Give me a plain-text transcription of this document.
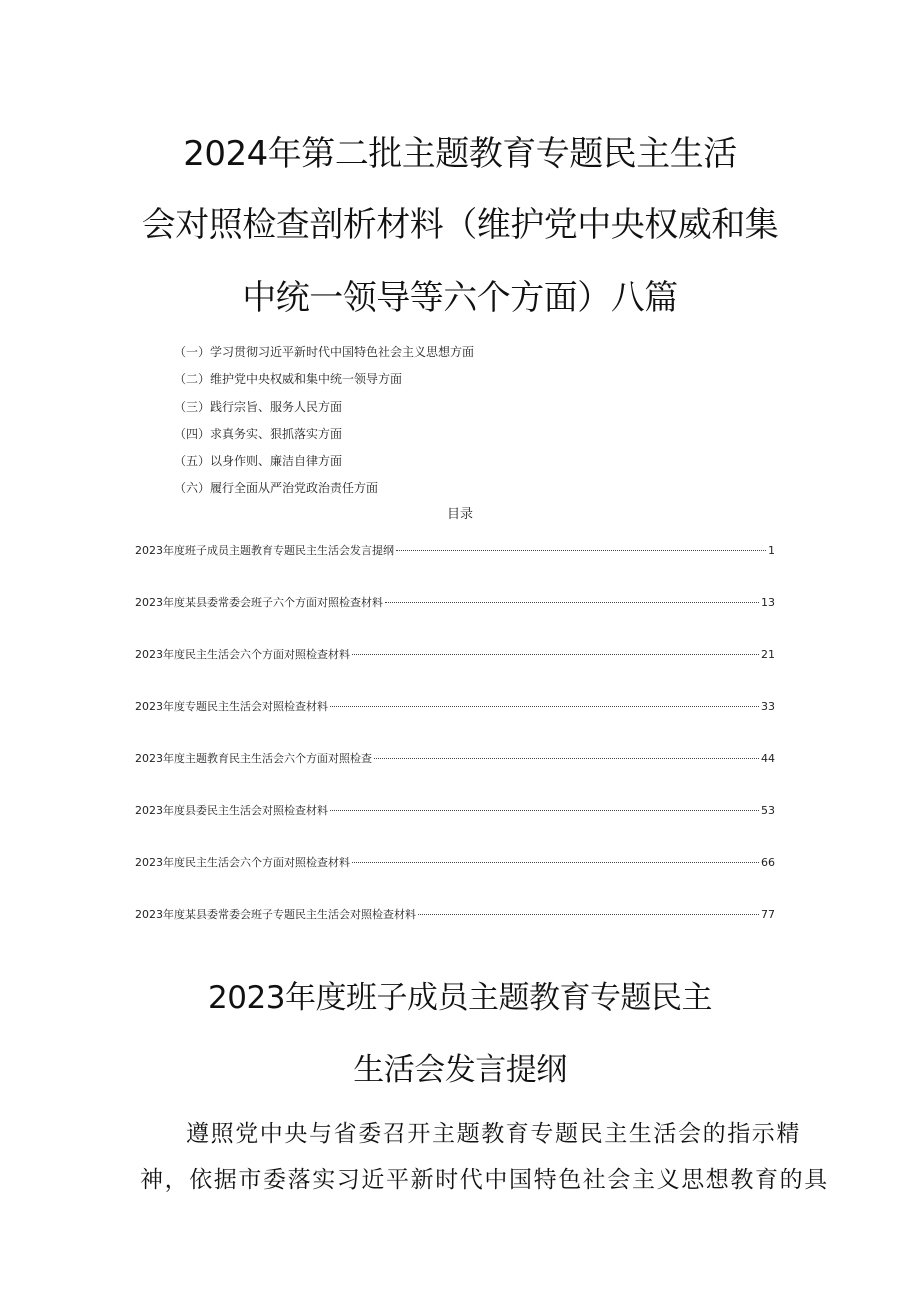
2024年第二批主题教育专题民主生活
会对照检查剖析材料（维护党中央权威和集
中统一领导等六个方面）八篇
（一）学习贯彻习近平新时代中国特色社会主义思想方面
（二）维护党中央权威和集中统一领导方面
（三）践行宗旨、服务人民方面
（四）求真务实、狠抓落实方面
（五）以身作则、廉洁自律方面
（六）履行全面从严治党政治责任方面
目录
2023年度班子成员主题教育专题民主生活会发言提纲	1
2023年度某县委常委会班子六个方面对照检查材料	13
2023年度民主生活会六个方面对照检查材料	21
2023年度专题民主生活会对照检查材料	33
2023年度主题教育民主生活会六个方面对照检查	44
2023年度县委民主生活会对照检查材料	53
2023年度民主生活会六个方面对照检查材料	66
2023年度某县委常委会班子专题民主生活会对照检查材料	77
2023年度班子成员主题教育专题民主
生活会发言提纲
遵照党中央与省委召开主题教育专题民主生活会的指示精
神，依据市委落实习近平新时代中国特色社会主义思想教育的具
